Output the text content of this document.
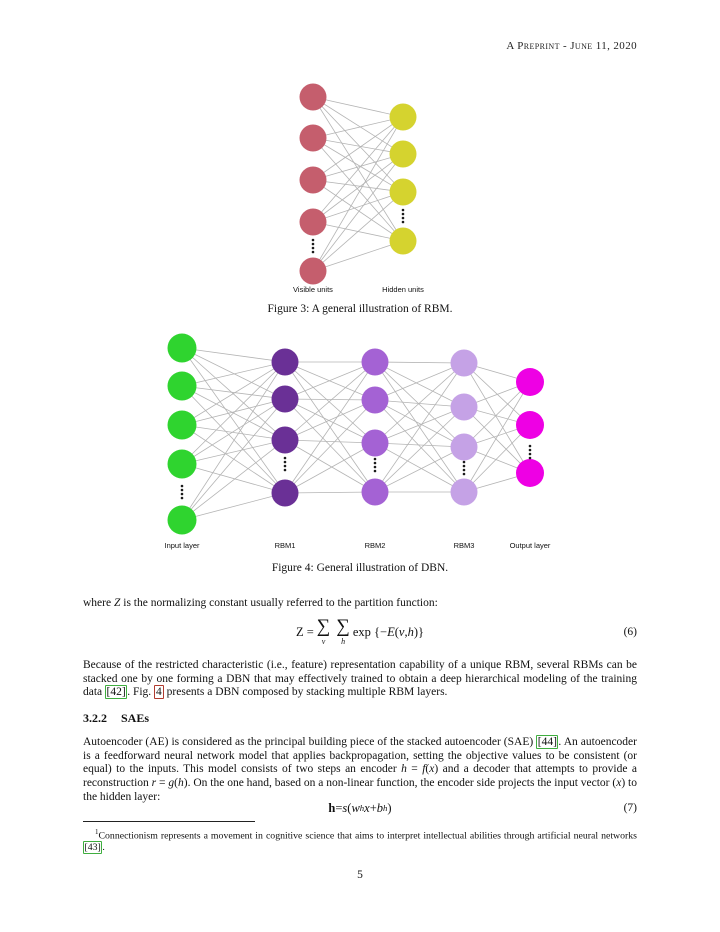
Visible units	Hidden units
Input layer	RBM1	RBM2	RBM3	Output layer
A Preprint - June 11, 2020
Figure 3: A general illustration of RBM.
Figure 4: General illustration of DBN.
where Z is the normalizing constant usually referred to the partition function:
Z = ∑
v
∑
h
exp {− E ( v , h )}	(6)
Because of the restricted characteristic (i.e., feature) representation capability of a unique RBM, several RBMs can be stacked one by one forming a DBN that may effectively trained to obtain a deep hierarchical modeling of the training data [42] . Fig. 4 presents a DBN composed by stacking multiple RBM layers.
3.2.2 SAEs
Autoencoder (AE) is considered as the principal building piece of the stacked autoencoder (SAE) [44] . An autoencoder is a feedforward neural network model that applies backpropagation, setting the objective values to be consistent (or equal) to the inputs. This model consists of two steps an encoder h = f(x) and a decoder that attempts to provide a reconstruction r = g(h). On the one hand, based on a non-linear function, the encoder side projects the input vector (x) to the hidden layer:
h = s ( w h x + b h )	(7)
$^1$Connectionism represents a movement in cognitive science that aims to interpret intellectual abilities through artificial neural networks [43] .
5
